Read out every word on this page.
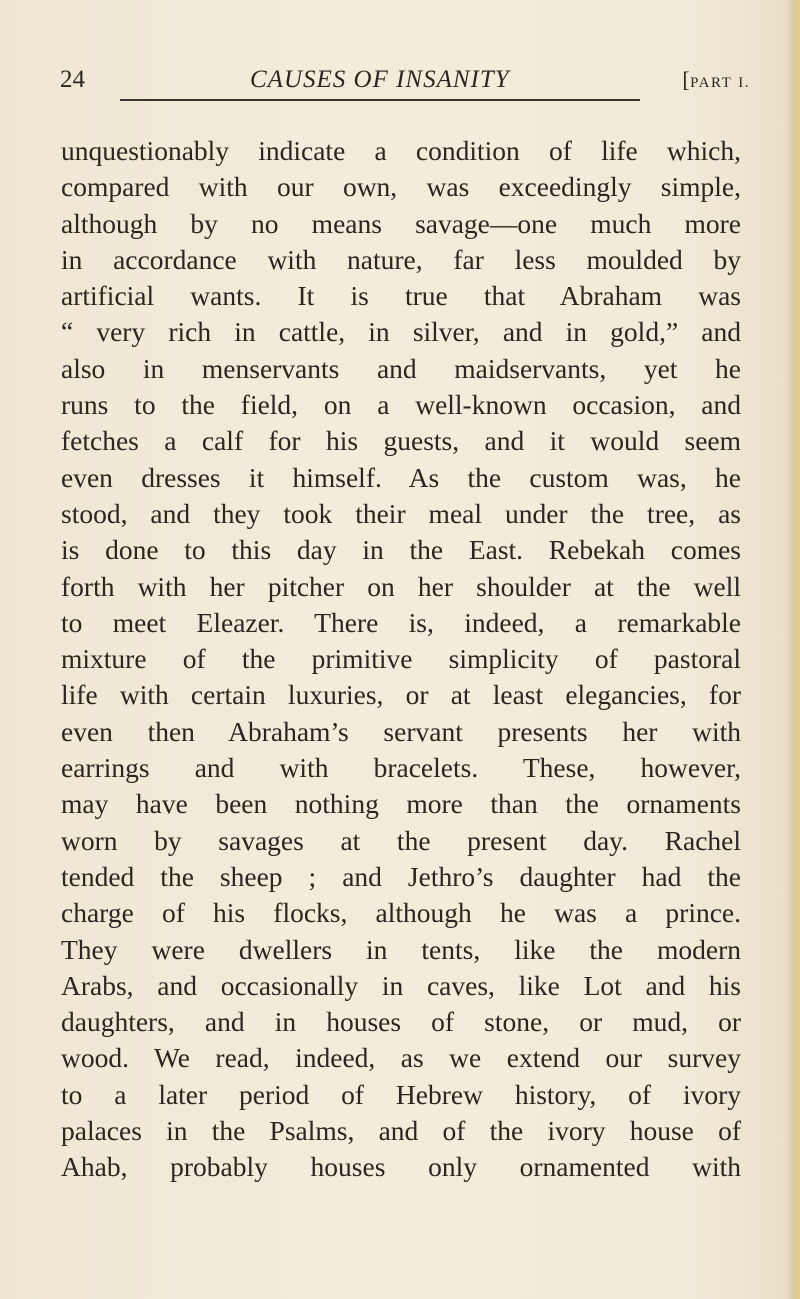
24	CAUSES OF INSANITY	[PART I.
unquestionably indicate a condition of life which,
compared with our own, was exceedingly simple,
although by no means savage—one much more
in accordance with nature, far less moulded by
artificial wants. It is true that Abraham was
“ very rich in cattle, in silver, and in gold,” and
also in menservants and maidservants, yet he
runs to the field, on a well-known occasion, and
fetches a calf for his guests, and it would seem
even dresses it himself. As the custom was, he
stood, and they took their meal under the tree, as
is done to this day in the East. Rebekah comes
forth with her pitcher on her shoulder at the well
to meet Eleazer. There is, indeed, a remarkable
mixture of the primitive simplicity of pastoral
life with certain luxuries, or at least elegancies, for
even then Abraham’s servant presents her with
earrings and with bracelets. These, however,
may have been nothing more than the ornaments
worn by savages at the present day. Rachel
tended the sheep ; and Jethro’s daughter had the
charge of his flocks, although he was a prince.
They were dwellers in tents, like the modern
Arabs, and occasionally in caves, like Lot and his
daughters, and in houses of stone, or mud, or
wood. We read, indeed, as we extend our survey
to a later period of Hebrew history, of ivory
palaces in the Psalms, and of the ivory house of
Ahab, probably houses only ornamented with
